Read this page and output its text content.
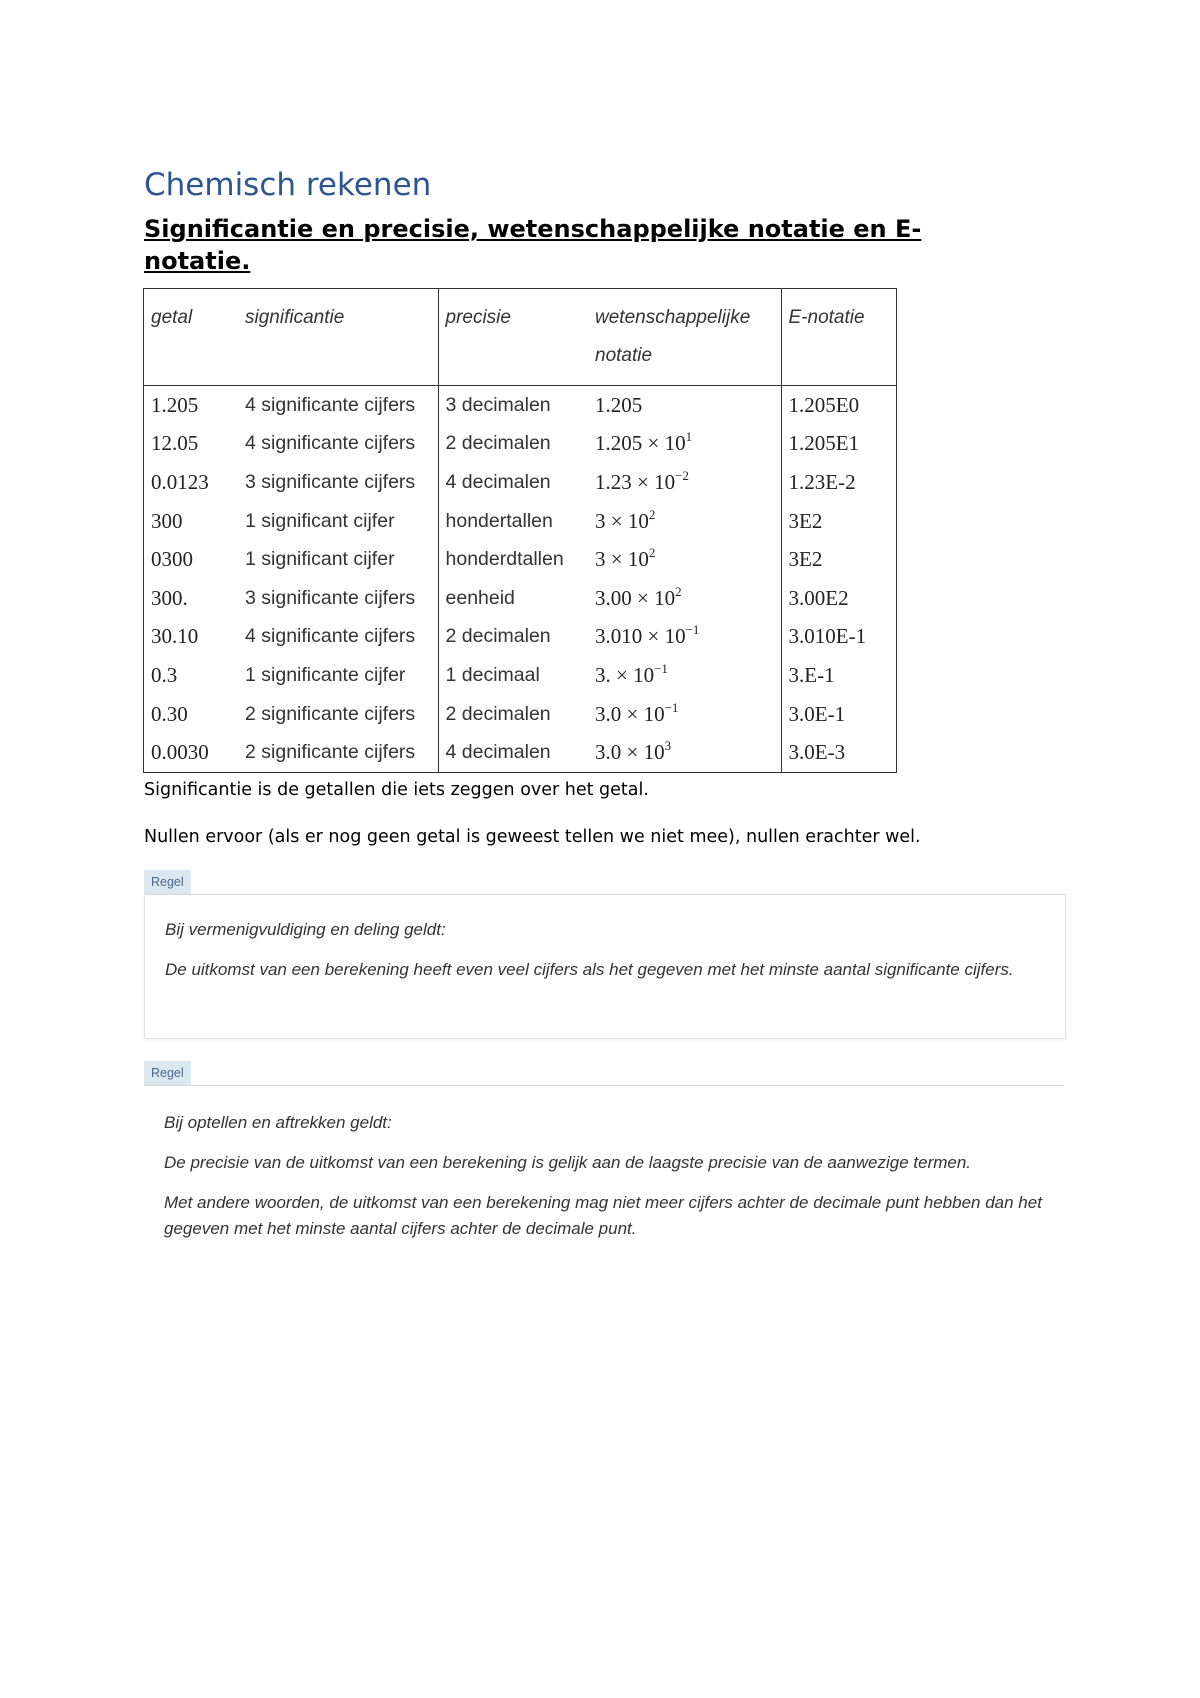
Chemisch rekenen
Significantie en precisie, wetenschappelijke notatie en E-notatie.
getal	significantie	precisie	wetenschappelijke notatie	E-notatie
1.205	4 significante cijfers	3 decimalen	1.205	1.205E0
12.05	4 significante cijfers	2 decimalen	$1.205 \times 10^1$	1.205E1
0.0123	3 significante cijfers	4 decimalen	$1.23 \times 10^{-2}$	1.23E-2
300	1 significant cijfer	hondertallen	$3 \times 10^2$	3E2
0300	1 significant cijfer	honderdtallen	$3 \times 10^2$	3E2
300.	3 significante cijfers	eenheid	$3.00 \times 10^2$	3.00E2
30.10	4 significante cijfers	2 decimalen	$3.010 \times 10^{-1}$	3.010E-1
0.3	1 significante cijfer	1 decimaal	3. × $10^{-1}$	3.E-1
0.30	2 significante cijfers	2 decimalen	$3.0 \times 10^{-1}$	3.0E-1
0.0030	2 significante cijfers	4 decimalen	$3.0 \times 10^3$	3.0E-3

Significantie is de getallen die iets zeggen over het getal.

Nullen ervoor (als er nog geen getal is geweest tellen we niet mee), nullen erachter wel.

Regel

Bij vermenigvuldiging en deling geldt:

De uitkomst van een berekening heeft even veel cijfers als het gegeven met het minste aantal significante cijfers.

Regel

Bij optellen en aftrekken geldt:

De precisie van de uitkomst van een berekening is gelijk aan de laagste precisie van de aanwezige termen.

Met andere woorden, de uitkomst van een berekening mag niet meer cijfers achter de decimale punt hebben dan het gegeven met het minste aantal cijfers achter de decimale punt.
